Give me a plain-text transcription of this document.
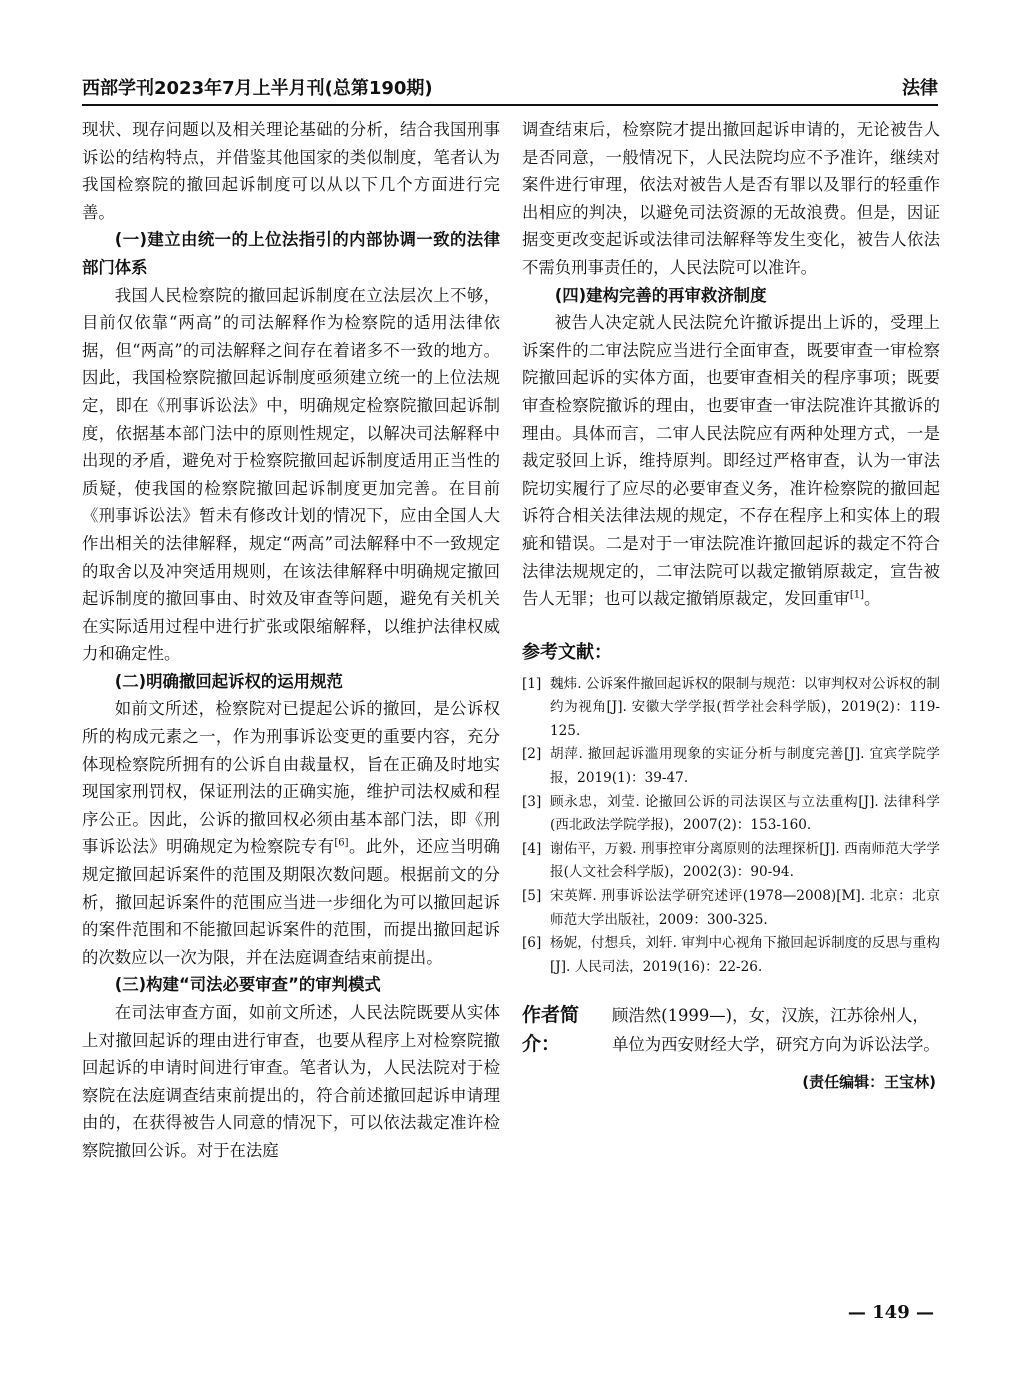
西部学刊2023年7月上半月刊(总第190期)	法律

现状、现存问题以及相关理论基础的分析，结合我国刑事诉讼的结构特点，并借鉴其他国家的类似制度，笔者认为我国检察院的撤回起诉制度可以从以下几个方面进行完善。

(一)建立由统一的上位法指引的内部协调一致的法律部门体系

我国人民检察院的撤回起诉制度在立法层次上不够，目前仅依靠“两高”的司法解释作为检察院的适用法律依据，但“两高”的司法解释之间存在着诸多不一致的地方。因此，我国检察院撤回起诉制度亟须建立统一的上位法规定，即在《刑事诉讼法》中，明确规定检察院撤回起诉制度，依据基本部门法中的原则性规定，以解决司法解释中出现的矛盾，避免对于检察院撤回起诉制度适用正当性的质疑，使我国的检察院撤回起诉制度更加完善。在目前《刑事诉讼法》暂未有修改计划的情况下，应由全国人大作出相关的法律解释，规定“两高”司法解释中不一致规定的取舍以及冲突适用规则，在该法律解释中明确规定撤回起诉制度的撤回事由、时效及审查等问题，避免有关机关在实际适用过程中进行扩张或限缩解释，以维护法律权威力和确定性。

(二)明确撤回起诉权的运用规范

如前文所述，检察院对已提起公诉的撤回，是公诉权所的构成元素之一，作为刑事诉讼变更的重要内容，充分体现检察院所拥有的公诉自由裁量权，旨在正确及时地实现国家刑罚权，保证刑法的正确实施，维护司法权威和程序公正。因此，公诉的撤回权必须由基本部门法，即《刑事诉讼法》明确规定为检察院专有[6]。此外，还应当明确规定撤回起诉案件的范围及期限次数问题。根据前文的分析，撤回起诉案件的范围应当进一步细化为可以撤回起诉的案件范围和不能撤回起诉案件的范围，而提出撤回起诉的次数应以一次为限，并在法庭调查结束前提出。

(三)构建“司法必要审查”的审判模式

在司法审查方面，如前文所述，人民法院既要从实体上对撤回起诉的理由进行审查，也要从程序上对检察院撤回起诉的申请时间进行审查。笔者认为，人民法院对于检察院在法庭调查结束前提出的，符合前述撤回起诉申请理由的，在获得被告人同意的情况下，可以依法裁定准许检察院撤回公诉。对于在法庭

调查结束后，检察院才提出撤回起诉申请的，无论被告人是否同意，一般情况下，人民法院均应不予准许，继续对案件进行审理，依法对被告人是否有罪以及罪行的轻重作出相应的判决，以避免司法资源的无故浪费。但是，因证据变更改变起诉或法律司法解释等发生变化，被告人依法不需负刑事责任的，人民法院可以准许。

(四)建构完善的再审救济制度

被告人决定就人民法院允许撤诉提出上诉的，受理上诉案件的二审法院应当进行全面审查，既要审查一审检察院撤回起诉的实体方面，也要审查相关的程序事项；既要审查检察院撤诉的理由，也要审查一审法院准许其撤诉的理由。具体而言，二审人民法院应有两种处理方式，一是裁定驳回上诉，维持原判。即经过严格审查，认为一审法院切实履行了应尽的必要审查义务，准许检察院的撤回起诉符合相关法律法规的规定，不存在程序上和实体上的瑕疵和错误。二是对于一审法院准许撤回起诉的裁定不符合法律法规规定的，二审法院可以裁定撤销原裁定，宣告被告人无罪；也可以裁定撤销原裁定，发回重审[1]。

参考文献：
[1] 魏炜. 公诉案件撤回起诉权的限制与规范：以审判权对公诉权的制约为视角[J]. 安徽大学学报(哲学社会科学版)，2019(2)：119-125.
[2] 胡萍. 撤回起诉滥用现象的实证分析与制度完善[J]. 宜宾学院学报，2019(1)：39-47.
[3] 顾永忠，刘莹. 论撤回公诉的司法误区与立法重构[J]. 法律科学(西北政法学院学报)，2007(2)：153-160.
[4] 谢佑平，万毅. 刑事控审分离原则的法理探析[J]. 西南师范大学学报(人文社会科学版)，2002(3)：90-94.
[5] 宋英辉. 刑事诉讼法学研究述评(1978—2008)[M]. 北京：北京师范大学出版社，2009：300-325.
[6] 杨妮，付想兵，刘轩. 审判中心视角下撤回起诉制度的反思与重构[J]. 人民司法，2019(16)：22-26.
作者简介：
顾浩然(1999—)，女，汉族，江苏徐州人，单位为西安财经大学，研究方向为诉讼法学。
(责任编辑：王宝林)
— 149 —
